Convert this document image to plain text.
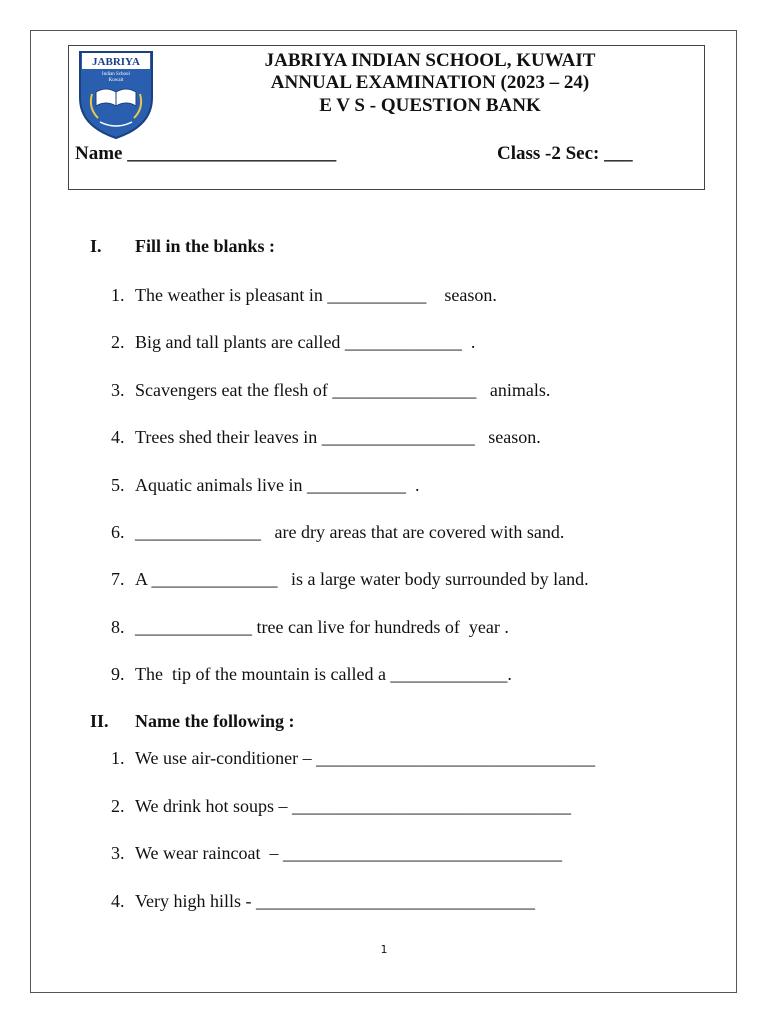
JABRIYA
Indian School
Kuwait
JABRIYA INDIAN SCHOOL, KUWAIT
ANNUAL EXAMINATION (2023 – 24)
E V S - QUESTION BANK
Name ______________________	Class -2 Sec: ___
I. Fill in the blanks :
1. The weather is pleasant in ___________    season.
2. Big and tall plants are called _____________  .
3. Scavengers eat the flesh of ________________   animals.
4. Trees shed their leaves in _________________   season.
5. Aquatic animals live in ___________  .
6. ______________   are dry areas that are covered with sand.
7. A ______________   is a large water body surrounded by land.
8. _____________ tree can live for hundreds of  year .
9. The  tip of the mountain is called a _____________.
II. Name the following :
1. We use air-conditioner – _______________________________
2. We drink hot soups – _______________________________
3. We wear raincoat  – _______________________________
4. Very high hills - _______________________________
1
